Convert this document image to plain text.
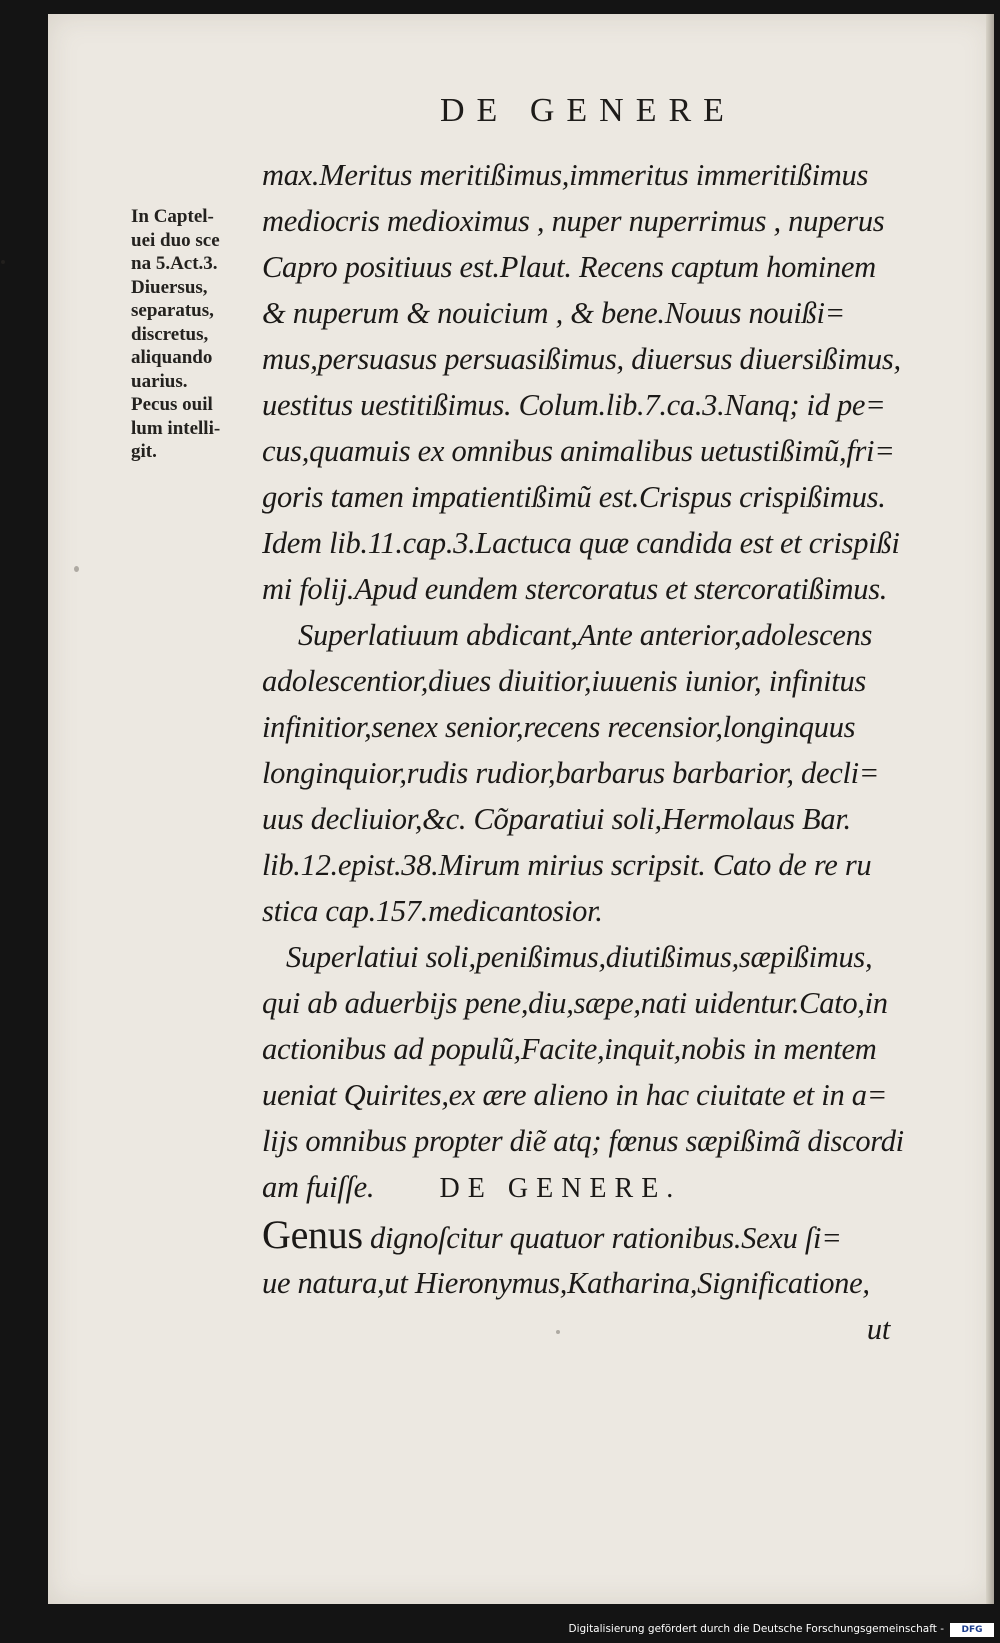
DE GENERE
In Captel-
uei duo sce
na 5.Act.3.
Diuersus,
separatus,
discretus,
aliquando
uarius.
Pecus ouil
lum intelli-
git.
max.Meritus meritißimus,immeritus immeritißimus
mediocris medioximus , nuper nuperrimus , nuperus
Capro positiuus est.Plaut. Recens captum hominem
& nuperum & nouicium , & bene.Nouus nouißi=
mus,persuasus persuasißimus, diuersus diuersißimus,
uestitus uestitißimus. Colum.lib.7.ca.3.Nanq; id pe=
cus,quamuis ex omnibus animalibus uetustißimũ,fri=
goris tamen impatientißimũ est.Crispus crispißimus.
Idem lib.11.cap.3.Lactuca quæ candida est et crispißi
mi folij.Apud eundem stercoratus et stercoratißimus.
Superlatiuum abdicant,Ante anterior,adolescens
adolescentior,diues diuitior,iuuenis iunior, infinitus
infinitior,senex senior,recens recensior,longinquus
longinquior,rudis rudior,barbarus barbarior, decli=
uus decliuior,&c. Cõparatiui soli,Hermolaus Bar.
lib.12.epist.38.Mirum mirius scripsit. Cato de re ru
stica cap.157.medicantosior.
Superlatiui soli,penißimus,diutißimus,sæpißimus,
qui ab aduerbijs pene,diu,sæpe,nati uidentur.Cato,in
actionibus ad populũ,Facite,inquit,nobis in mentem
ueniat Quirites,ex ære alieno in hac ciuitate et in a=
lijs omnibus propter diẽ atq; fœnus sæpißimã discordi
am fuiſſe. DE GENERE.
Genus dignoſcitur quatuor rationibus.Sexu ſi=
ue natura,ut Hieronymus,Katharina,Significatione,
ut
Digitalisierung gefördert durch die Deutsche Forschungsgemeinschaft -	DFG
